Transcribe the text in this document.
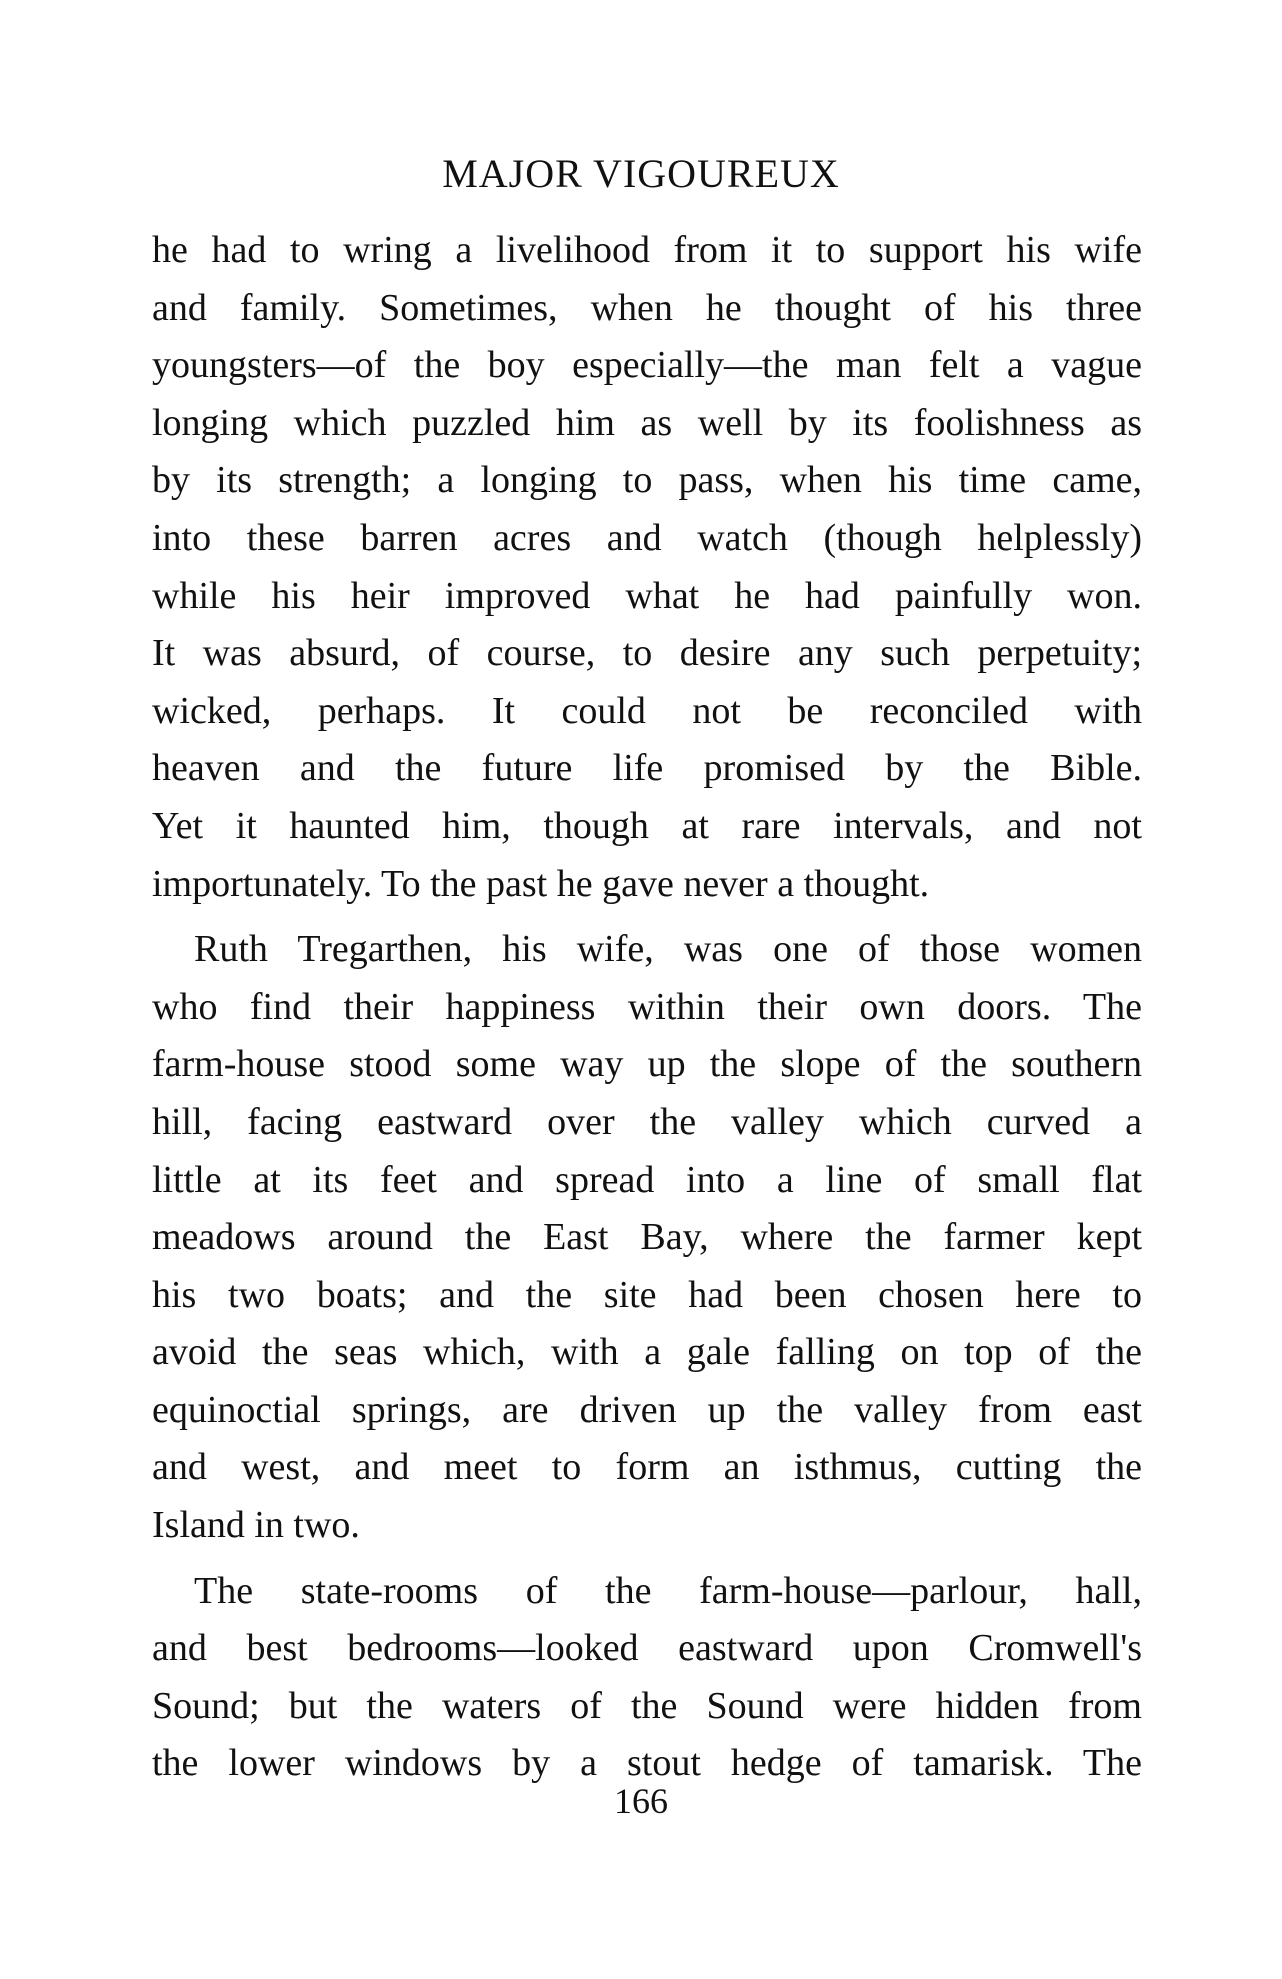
MAJOR VIGOUREUX
he had to wring a livelihood from it to support his wife
and family. Sometimes, when he thought of his three
youngsters—of the boy especially—the man felt a vague
longing which puzzled him as well by its foolishness as
by its strength; a longing to pass, when his time came,
into these barren acres and watch (though helplessly)
while his heir improved what he had painfully won.
It was absurd, of course, to desire any such perpetuity;
wicked, perhaps. It could not be reconciled with
heaven and the future life promised by the Bible.
Yet it haunted him, though at rare intervals, and not
importunately. To the past he gave never a thought.
Ruth Tregarthen, his wife, was one of those women
who find their happiness within their own doors. The
farm-house stood some way up the slope of the southern
hill, facing eastward over the valley which curved a
little at its feet and spread into a line of small flat
meadows around the East Bay, where the farmer kept
his two boats; and the site had been chosen here to
avoid the seas which, with a gale falling on top of the
equinoctial springs, are driven up the valley from east
and west, and meet to form an isthmus, cutting the
Island in two.
The state-rooms of the farm-house—parlour, hall,
and best bedrooms—looked eastward upon Cromwell's
Sound; but the waters of the Sound were hidden from
the lower windows by a stout hedge of tamarisk. The
166
